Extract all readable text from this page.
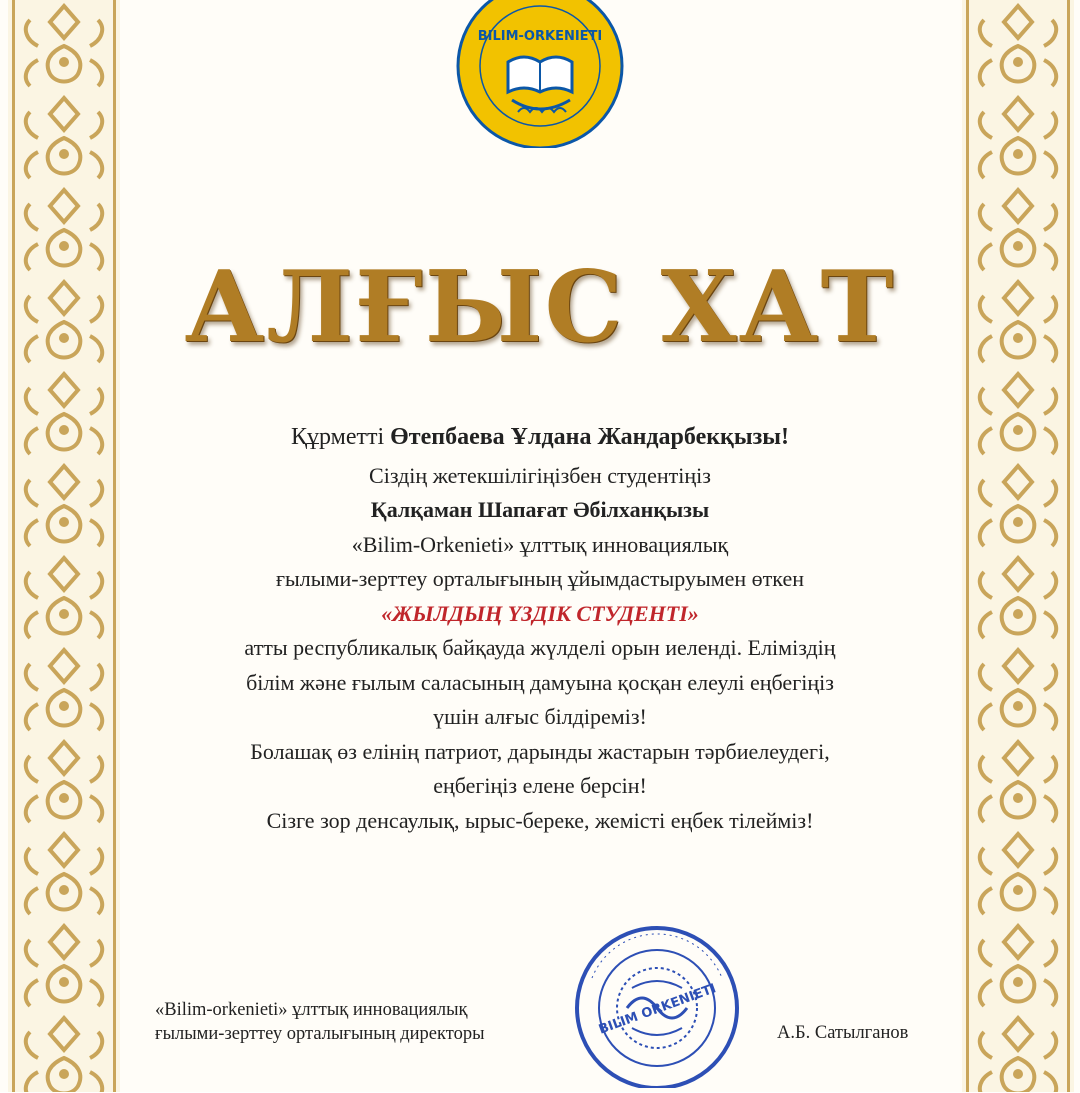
BILIM-ORKENIETI
АЛҒЫС ХАТ
Құрметті Өтепбаева Ұлдана Жандарбекқызы!
Сіздің жетекшілігіңізбен студентіңіз
Қалқаман Шапағат Әбілханқызы
«Bilim-Orkenieti» ұлттық инновациялық
ғылыми-зерттеу орталығының ұйымдастыруымен өткен
«ЖЫЛДЫҢ ҮЗДІК СТУДЕНТІ»
атты республикалық байқауда жүлделі орын иеленді. Еліміздің
білім және ғылым саласының дамуына қосқан елеулі еңбегіңіз
үшін алғыс білдіреміз!
Болашақ өз елінің патриот, дарынды жастарын тәрбиелеудегі,
еңбегіңіз елене берсін!
Сізге зор денсаулық, ырыс-береке, жемісті еңбек тілейміз!
«Bilim-orkenieti» ұлттық инновациялық
ғылыми-зерттеу орталығының директоры	BILIM ORKENIETI	А.Б. Сатылганов
